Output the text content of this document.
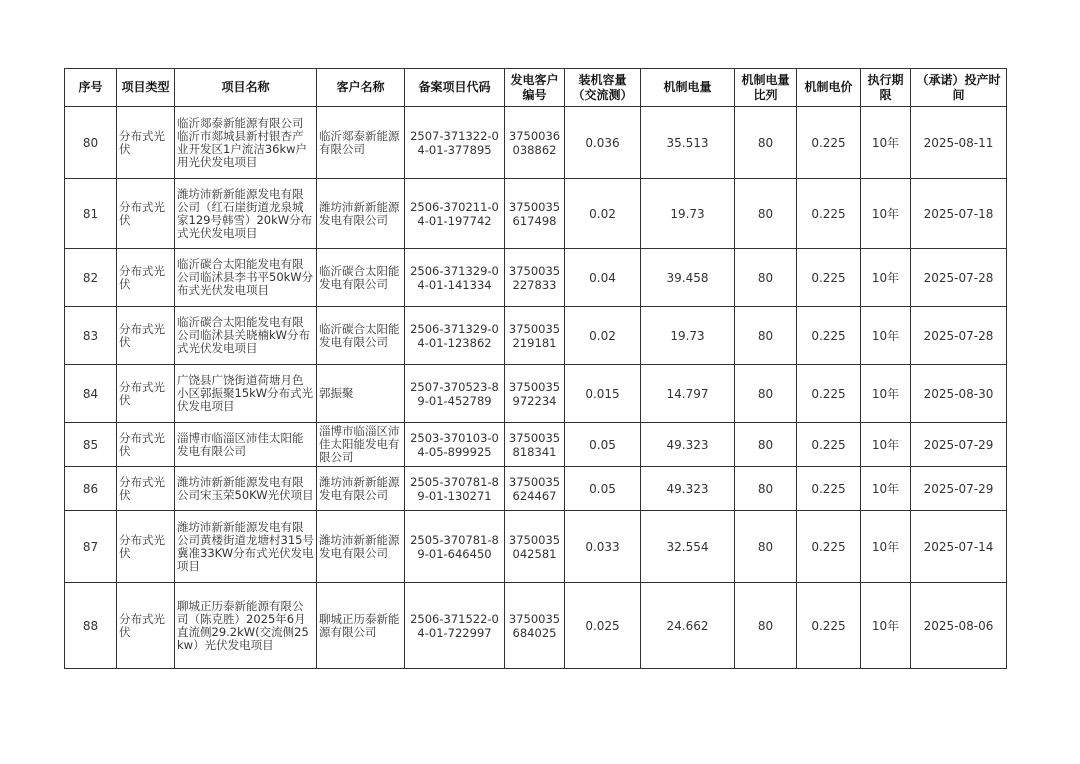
序号	项目类型	项目名称	客户名称	备案项目代码	发电客户编号	装机容量（交流测）	机制电量	机制电量比列	机制电价	执行期限	（承诺）投产时间
80	分布式光伏	临沂郯泰新能源有限公司临沂市郯城县新村银杏产业开发区1户流洁36kw户用光伏发电项目	临沂郯泰新能源有限公司	2507-371322-04-01-377895	3750036038862	0.036	35.513	80	0.225	10年	2025-08-11
81	分布式光伏	潍坊沛新新能源发电有限公司（红石崖街道龙泉城家129号韩雪）20kW分布式光伏发电项目	潍坊沛新新能源发电有限公司	2506-370211-04-01-197742	3750035617498	0.02	19.73	80	0.225	10年	2025-07-18
82	分布式光伏	临沂碳合太阳能发电有限公司临沭县李书平50kW分布式光伏发电项目	临沂碳合太阳能发电有限公司	2506-371329-04-01-141334	3750035227833	0.04	39.458	80	0.225	10年	2025-07-28
83	分布式光伏	临沂碳合太阳能发电有限公司临沭县关晓楠kW分布式光伏发电项目	临沂碳合太阳能发电有限公司	2506-371329-04-01-123862	3750035219181	0.02	19.73	80	0.225	10年	2025-07-28
84	分布式光伏	广饶县广饶街道荷塘月色小区郭振聚15kW分布式光伏发电项目	郭振聚	2507-370523-89-01-452789	3750035972234	0.015	14.797	80	0.225	10年	2025-08-30
85	分布式光伏	淄博市临淄区沛佳太阳能发电有限公司	淄博市临淄区沛佳太阳能发电有限公司	2503-370103-04-05-899925	3750035818341	0.05	49.323	80	0.225	10年	2025-07-29
86	分布式光伏	潍坊沛新新能源发电有限公司宋玉荣50KW光伏项目	潍坊沛新新能源发电有限公司	2505-370781-89-01-130271	3750035624467	0.05	49.323	80	0.225	10年	2025-07-29
87	分布式光伏	潍坊沛新新能源发电有限公司黄楼街道龙塘村315号冀准33KW分布式光伏发电项目	潍坊沛新新能源发电有限公司	2505-370781-89-01-646450	3750035042581	0.033	32.554	80	0.225	10年	2025-07-14
88	分布式光伏	聊城正历泰新能源有限公司（陈克胜）2025年6月直流侧29.2kW(交流侧25kw）光伏发电项目	聊城正历泰新能源有限公司	2506-371522-04-01-722997	3750035684025	0.025	24.662	80	0.225	10年	2025-08-06
